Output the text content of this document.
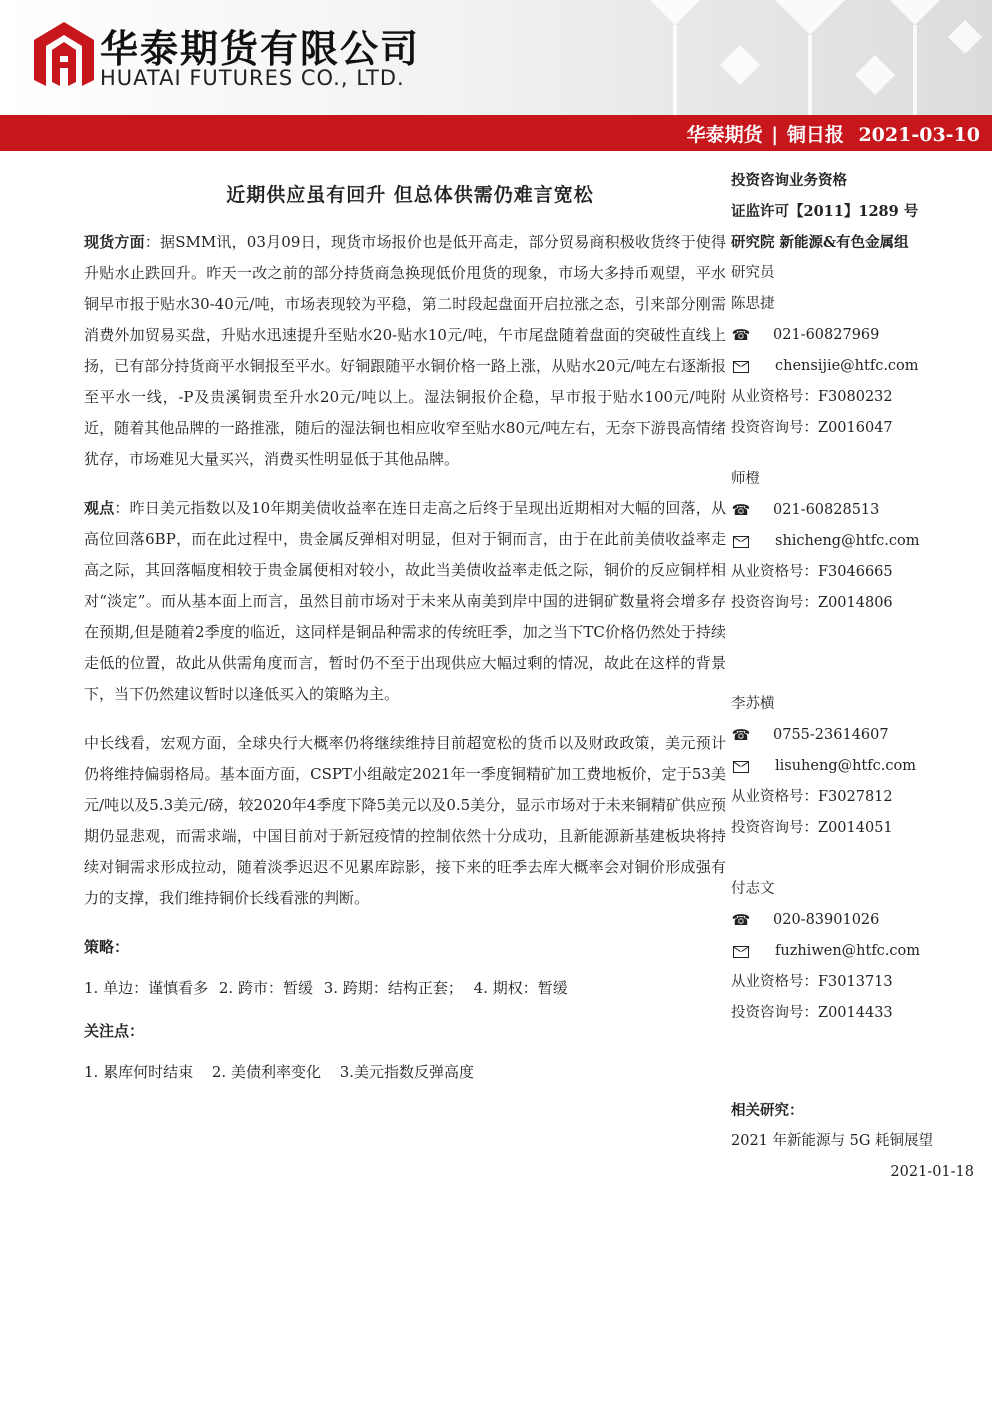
华泰期货有限公司
HUATAI FUTURES CO., LTD.
华泰期货 | 铜日报 2021-03-10
近期供应虽有回升 但总体供需仍难言宽松

现货方面：据SMM讯，03月09日，现货市场报价也是低开高走，部分贸易商积极收货终于使得升贴水止跌回升。昨天一改之前的部分持货商急换现低价甩货的现象，市场大多持币观望，平水铜早市报于贴水30-40元/吨，市场表现较为平稳，第二时段起盘面开启拉涨之态，引来部分刚需消费外加贸易买盘，升贴水迅速提升至贴水20-贴水10元/吨，午市尾盘随着盘面的突破性直线上扬，已有部分持货商平水铜报至平水。好铜跟随平水铜价格一路上涨，从贴水20元/吨左右逐渐报至平水一线，-P及贵溪铜贵至升水20元/吨以上。湿法铜报价企稳，早市报于贴水100元/吨附近，随着其他品牌的一路推涨，随后的湿法铜也相应收窄至贴水80元/吨左右，无奈下游畏高情绪犹存，市场难见大量买兴，消费买性明显低于其他品牌。

观点：昨日美元指数以及10年期美债收益率在连日走高之后终于呈现出近期相对大幅的回落，从高位回落6BP，而在此过程中，贵金属反弹相对明显，但对于铜而言，由于在此前美债收益率走高之际，其回落幅度相较于贵金属便相对较小，故此当美债收益率走低之际，铜价的反应铜样相对“淡定”。而从基本面上而言，虽然目前市场对于未来从南美到岸中国的进铜矿数量将会增多存在预期,但是随着2季度的临近，这同样是铜品种需求的传统旺季，加之当下TC价格仍然处于持续走低的位置，故此从供需角度而言，暂时仍不至于出现供应大幅过剩的情况，故此在这样的背景下，当下仍然建议暂时以逢低买入的策略为主。

中长线看，宏观方面，全球央行大概率仍将继续维持目前超宽松的货币以及财政政策，美元预计仍将维持偏弱格局。基本面方面，CSPT小组敲定2021年一季度铜精矿加工费地板价，定于53美元/吨以及5.3美元/磅，较2020年4季度下降5美元以及0.5美分，显示市场对于未来铜精矿供应预期仍显悲观，而需求端，中国目前对于新冠疫情的控制依然十分成功，且新能源新基建板块将持续对铜需求形成拉动，随着淡季迟迟不见累库踪影，接下来的旺季去库大概率会对铜价形成强有力的支撑，我们维持铜价长线看涨的判断。

策略：
1. 单边：谨慎看多 2. 跨市：暂缓 3. 跨期：结构正套； 4. 期权：暂缓
关注点：
1. 累库何时结束 2. 美债利率变化 3.美元指数反弹高度
投资咨询业务资格
证监许可【2011】1289 号
研究院 新能源&有色金属组
研究员
陈思捷
☎ 021-60827969
chensijie@htfc.com
从业资格号：F3080232
投资咨询号：Z0016047
师橙
☎ 021-60828513
shicheng@htfc.com
从业资格号：F3046665
投资咨询号：Z0014806
李苏横
☎ 0755-23614607
lisuheng@htfc.com
从业资格号：F3027812
投资咨询号：Z0014051
付志文
☎ 020-83901026
fuzhiwen@htfc.com
从业资格号：F3013713
投资咨询号：Z0014433
相关研究：
2021 年新能源与 5G 耗铜展望
2021-01-18
